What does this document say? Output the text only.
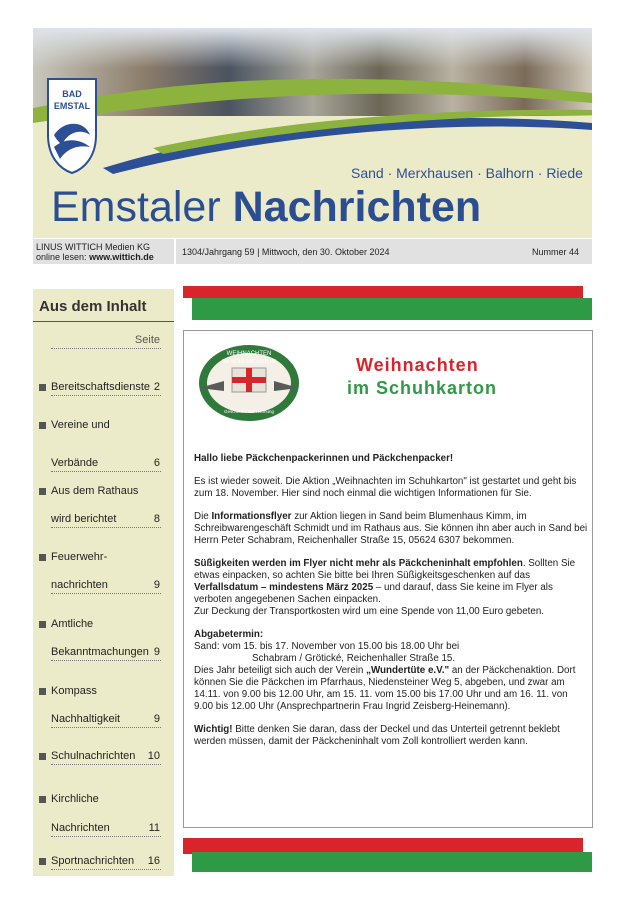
BAD
EMSTAL
Sand · Merxhausen · Balhorn · Riede
Emstaler Nachrichten
LINUS WITTICH Medien KG
online lesen: www.wittich.de	1304/Jahrgang 59 | Mittwoch, den 30. Oktober 2024	Nummer 44
Aus dem Inhalt
Seite
Bereitschaftsdienste 2
Vereine und
Verbände	6
Aus dem Rathaus
wird berichtet	8
Feuerwehr-
nachrichten	9
Amtliche
Bekanntmachungen 9
Kompass
Nachhaltigkeit	9
Schulnachrichten 10
Kirchliche
Nachrichten	11
Sportnachrichten 16
WEIHNACHTEN
IM SCHUHKARTON
Geschenke der Hoffnung
Weihnachten
im Schuhkarton

Hallo liebe Päckchenpackerinnen und Päckchenpacker!

Es ist wieder soweit. Die Aktion „Weihnachten im Schuhkarton" ist gestartet und geht bis zum 18. November. Hier sind noch einmal die wichtigen Informationen für Sie.

Die Informationsflyer zur Aktion liegen in Sand beim Blumenhaus Kimm, im Schreibwarengeschäft Schmidt und im Rathaus aus. Sie können ihn aber auch in Sand bei Herrn Peter Schabram, Reichenhaller Straße 15, 05624 6307 bekommen.

Süßigkeiten werden im Flyer nicht mehr als Päckcheninhalt empfohlen. Sollten Sie etwas einpacken, so achten Sie bitte bei Ihren Süßigkeitsgeschenken auf das Verfallsdatum – mindestens März 2025 – und darauf, dass Sie keine im Flyer als verboten angegebenen Sachen einpacken.
Zur Deckung der Transportkosten wird um eine Spende von 11,00 Euro gebeten.

Abgabetermin:
Sand: vom 15. bis 17. November von 15.00 bis 18.00 Uhr bei
Schabram / Grötické, Reichenhaller Straße 15.
Dies Jahr beteiligt sich auch der Verein „Wundertüte e.V." an der Päckchenaktion. Dort können Sie die Päckchen im Pfarrhaus, Niedensteiner Weg 5, abgeben, und zwar am 14.11. von 9.00 bis 12.00 Uhr, am 15. 11. vom 15.00 bis 17.00 Uhr und am 16. 11. von 9.00 bis 12.00 Uhr (Ansprechpartnerin Frau Ingrid Zeisberg-Heinemann).

Wichtig! Bitte denken Sie daran, dass der Deckel und das Unterteil getrennt beklebt werden müssen, damit der Päckcheninhalt vom Zoll kontrolliert werden kann.
